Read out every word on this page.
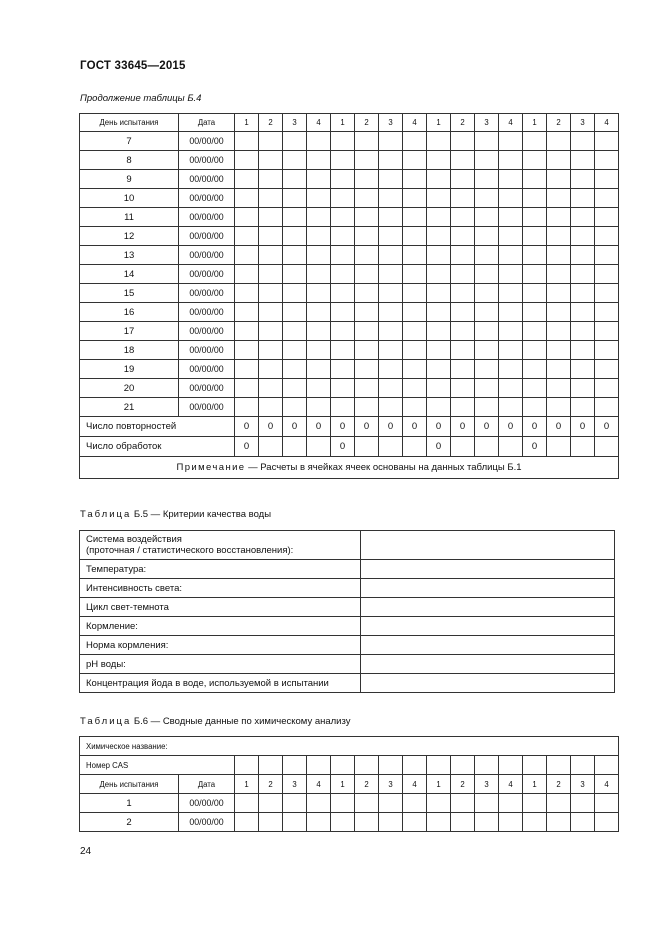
ГОСТ 33645—2015
Продолжение таблицы Б.4
День испытания	Дата	1	2	3	4	1	2	3	4	1	2	3	4	1	2	3	4
7	00/00/00																
8	00/00/00																
9	00/00/00																
10	00/00/00																
11	00/00/00																
12	00/00/00																
13	00/00/00																
14	00/00/00																
15	00/00/00																
16	00/00/00																
17	00/00/00																
18	00/00/00																
19	00/00/00																
20	00/00/00																
21	00/00/00																
Число повторностей		0	0	0	0	0	0	0	0	0	0	0	0	0	0	0	0
Число обработок		0				0				0				0			
Примечание — Расчеты в ячейках ячеек основаны на данных таблицы Б.1																	
Таблица Б.5 — Критерии качества воды
Система воздействия
(проточная / статистического восстановления):	
Температура:	
Интенсивность света:	
Цикл свет-темнота	
Кормление:	
Норма кормления:	
pH воды:	
Концентрация йода в воде, используемой в испытании	
Таблица Б.6 — Сводные данные по химическому анализу
Химическое название:																	
Номер CAS																	
День испытания	Дата	1	2	3	4	1	2	3	4	1	2	3	4	1	2	3	4
1	00/00/00																
2	00/00/00																
24
